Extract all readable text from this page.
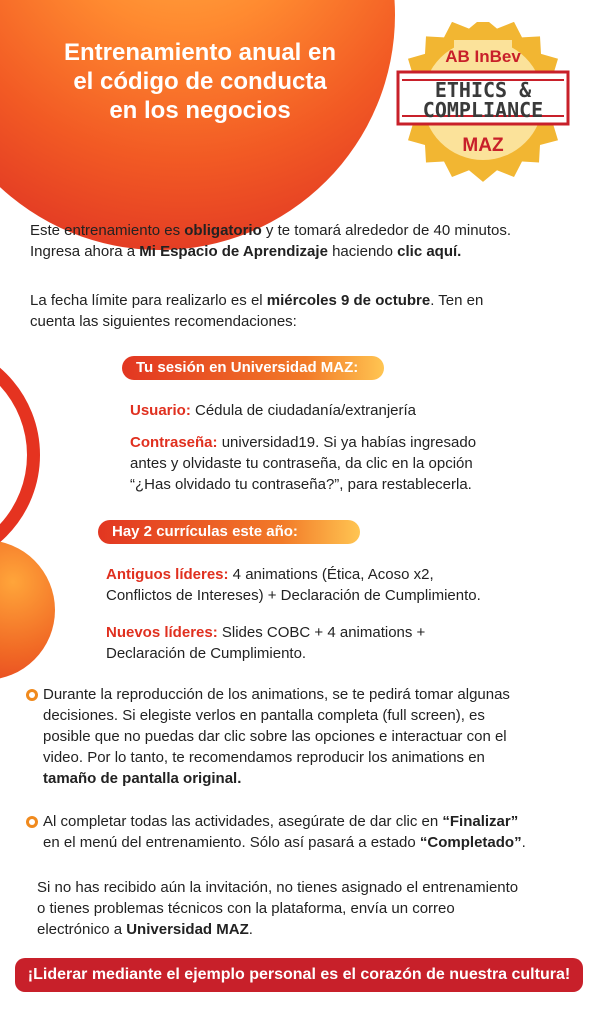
Entrenamiento anual en
el código de conducta
en los negocios
AB InBev
ETHICS &
COMPLIANCE
MAZ

Este entrenamiento es obligatorio y te tomará alrededor de 40 minutos.

Ingresa ahora a Mi Espacio de Aprendizaje haciendo clic aquí.

La fecha límite para realizarlo es el miércoles 9 de octubre. Ten en

cuenta las siguientes recomendaciones:

Tu sesión en Universidad MAZ:

Usuario: Cédula de ciudadanía/extranjería

Contraseña: universidad19. Si ya habías ingresado

antes y olvidaste tu contraseña, da clic en la opción

“¿Has olvidado tu contraseña?”, para restablecerla.

Hay 2 currículas este año:

Antiguos líderes: 4 animations (Ética, Acoso x2,

Conflictos de Intereses) + Declaración de Cumplimiento.

Nuevos líderes: Slides COBC + 4 animations +

Declaración de Cumplimiento.

Durante la reproducción de los animations, se te pedirá tomar algunas

decisiones. Si elegiste verlos en pantalla completa (full screen), es

posible que no puedas dar clic sobre las opciones e interactuar con el

video. Por lo tanto, te recomendamos reproducir los animations en

tamaño de pantalla original.

Al completar todas las actividades, asegúrate de dar clic en “Finalizar”

en el menú del entrenamiento. Sólo así pasará a estado “Completado”.

Si no has recibido aún la invitación, no tienes asignado el entrenamiento

o tienes problemas técnicos con la plataforma, envía un correo

electrónico a Universidad MAZ.

¡Liderar mediante el ejemplo personal es el corazón de nuestra cultura!
